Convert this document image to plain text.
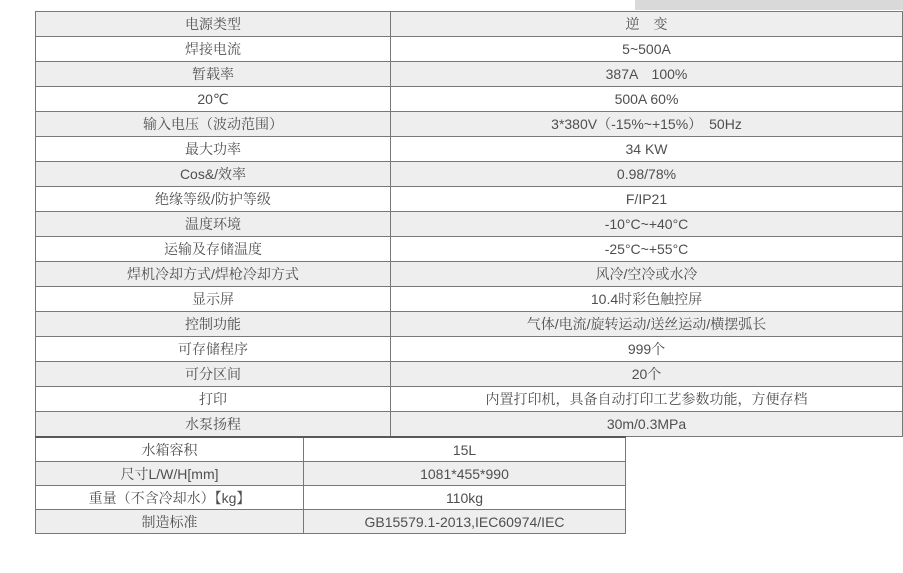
电源类型	逆　变
焊接电流	5~500A
暂载率	387A　100%
20℃	500A 60%
输入电压（波动范围）	3*380V（-15%~+15%）　50Hz
最大功率	34 KW
Cos&/效率	0.98/78%
绝缘等级/防护等级	F/IP21
温度环境	-10°C~+40°C
运输及存储温度	-25°C~+55°C
焊机冷却方式/焊枪冷却方式	风冷/空冷或水冷
显示屏	10.4时彩色触控屏
控制功能	气体/电流/旋转运动/送丝运动/横摆弧长
可存储程序	999个
可分区间	20个
打印	内置打印机，具备自动打印工艺参数功能，方便存档
水泵扬程	30m/0.3MPa
水箱容积	15L
尺寸L/W/H[mm]	1081*455*990
重量（不含冷却水）【kg】	110kg
制造标准	GB15579.1-2013,IEC60974/IEC
